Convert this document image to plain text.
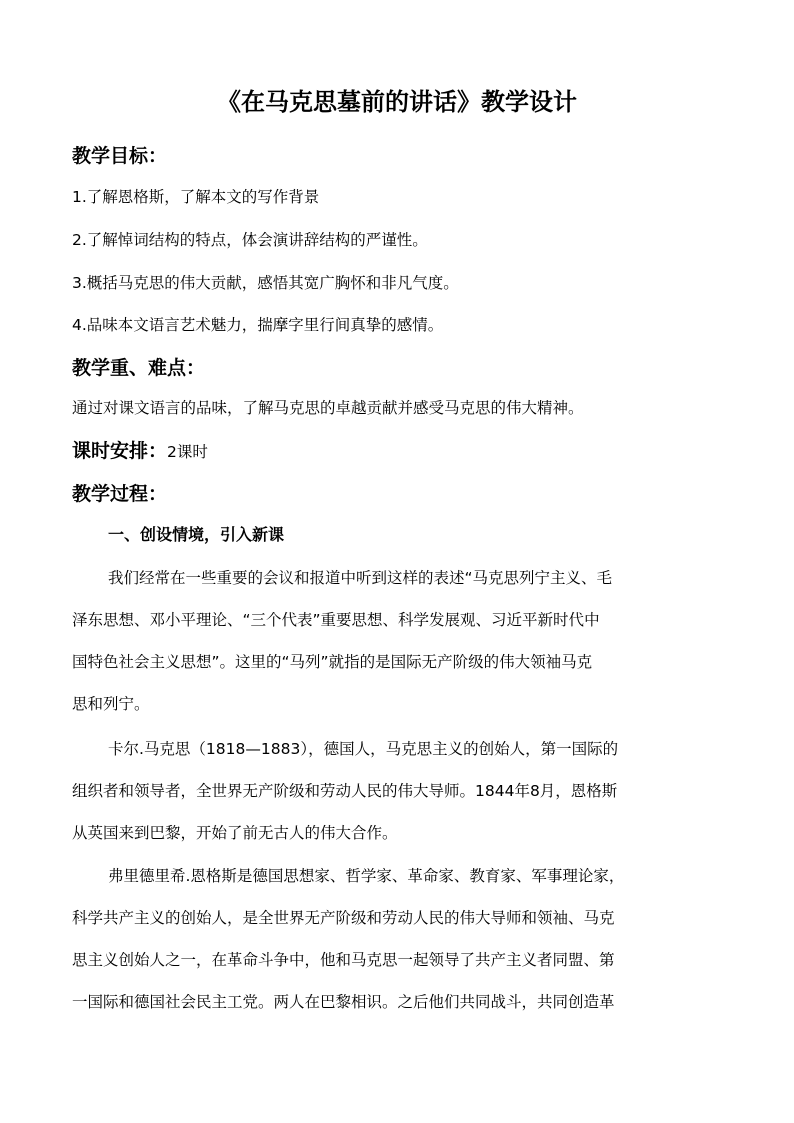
《在马克思墓前的讲话》教学设计
教学目标：
1.了解恩格斯，了解本文的写作背景
2.了解悼词结构的特点，体会演讲辞结构的严谨性。
3.概括马克思的伟大贡献，感悟其宽广胸怀和非凡气度。
4.品味本文语言艺术魅力，揣摩字里行间真挚的感情。
教学重、难点：
通过对课文语言的品味，了解马克思的卓越贡献并感受马克思的伟大精神。
课时安排：2课时
教学过程：
一、创设情境，引入新课
我们经常在一些重要的会议和报道中听到这样的表述“马克思列宁主义、毛
泽东思想、邓小平理论、“三个代表”重要思想、科学发展观、习近平新时代中
国特色社会主义思想”。这里的“马列”就指的是国际无产阶级的伟大领袖马克
思和列宁。
卡尔.马克思（1818—1883），德国人，马克思主义的创始人，第一国际的
组织者和领导者，全世界无产阶级和劳动人民的伟大导师。1844年8月，恩格斯
从英国来到巴黎，开始了前无古人的伟大合作。
弗里德里希.恩格斯是德国思想家、哲学家、革命家、教育家、军事理论家，
科学共产主义的创始人，是全世界无产阶级和劳动人民的伟大导师和领袖、马克
思主义创始人之一，在革命斗争中，他和马克思一起领导了共产主义者同盟、第
一国际和德国社会民主工党。两人在巴黎相识。之后他们共同战斗，共同创造革
